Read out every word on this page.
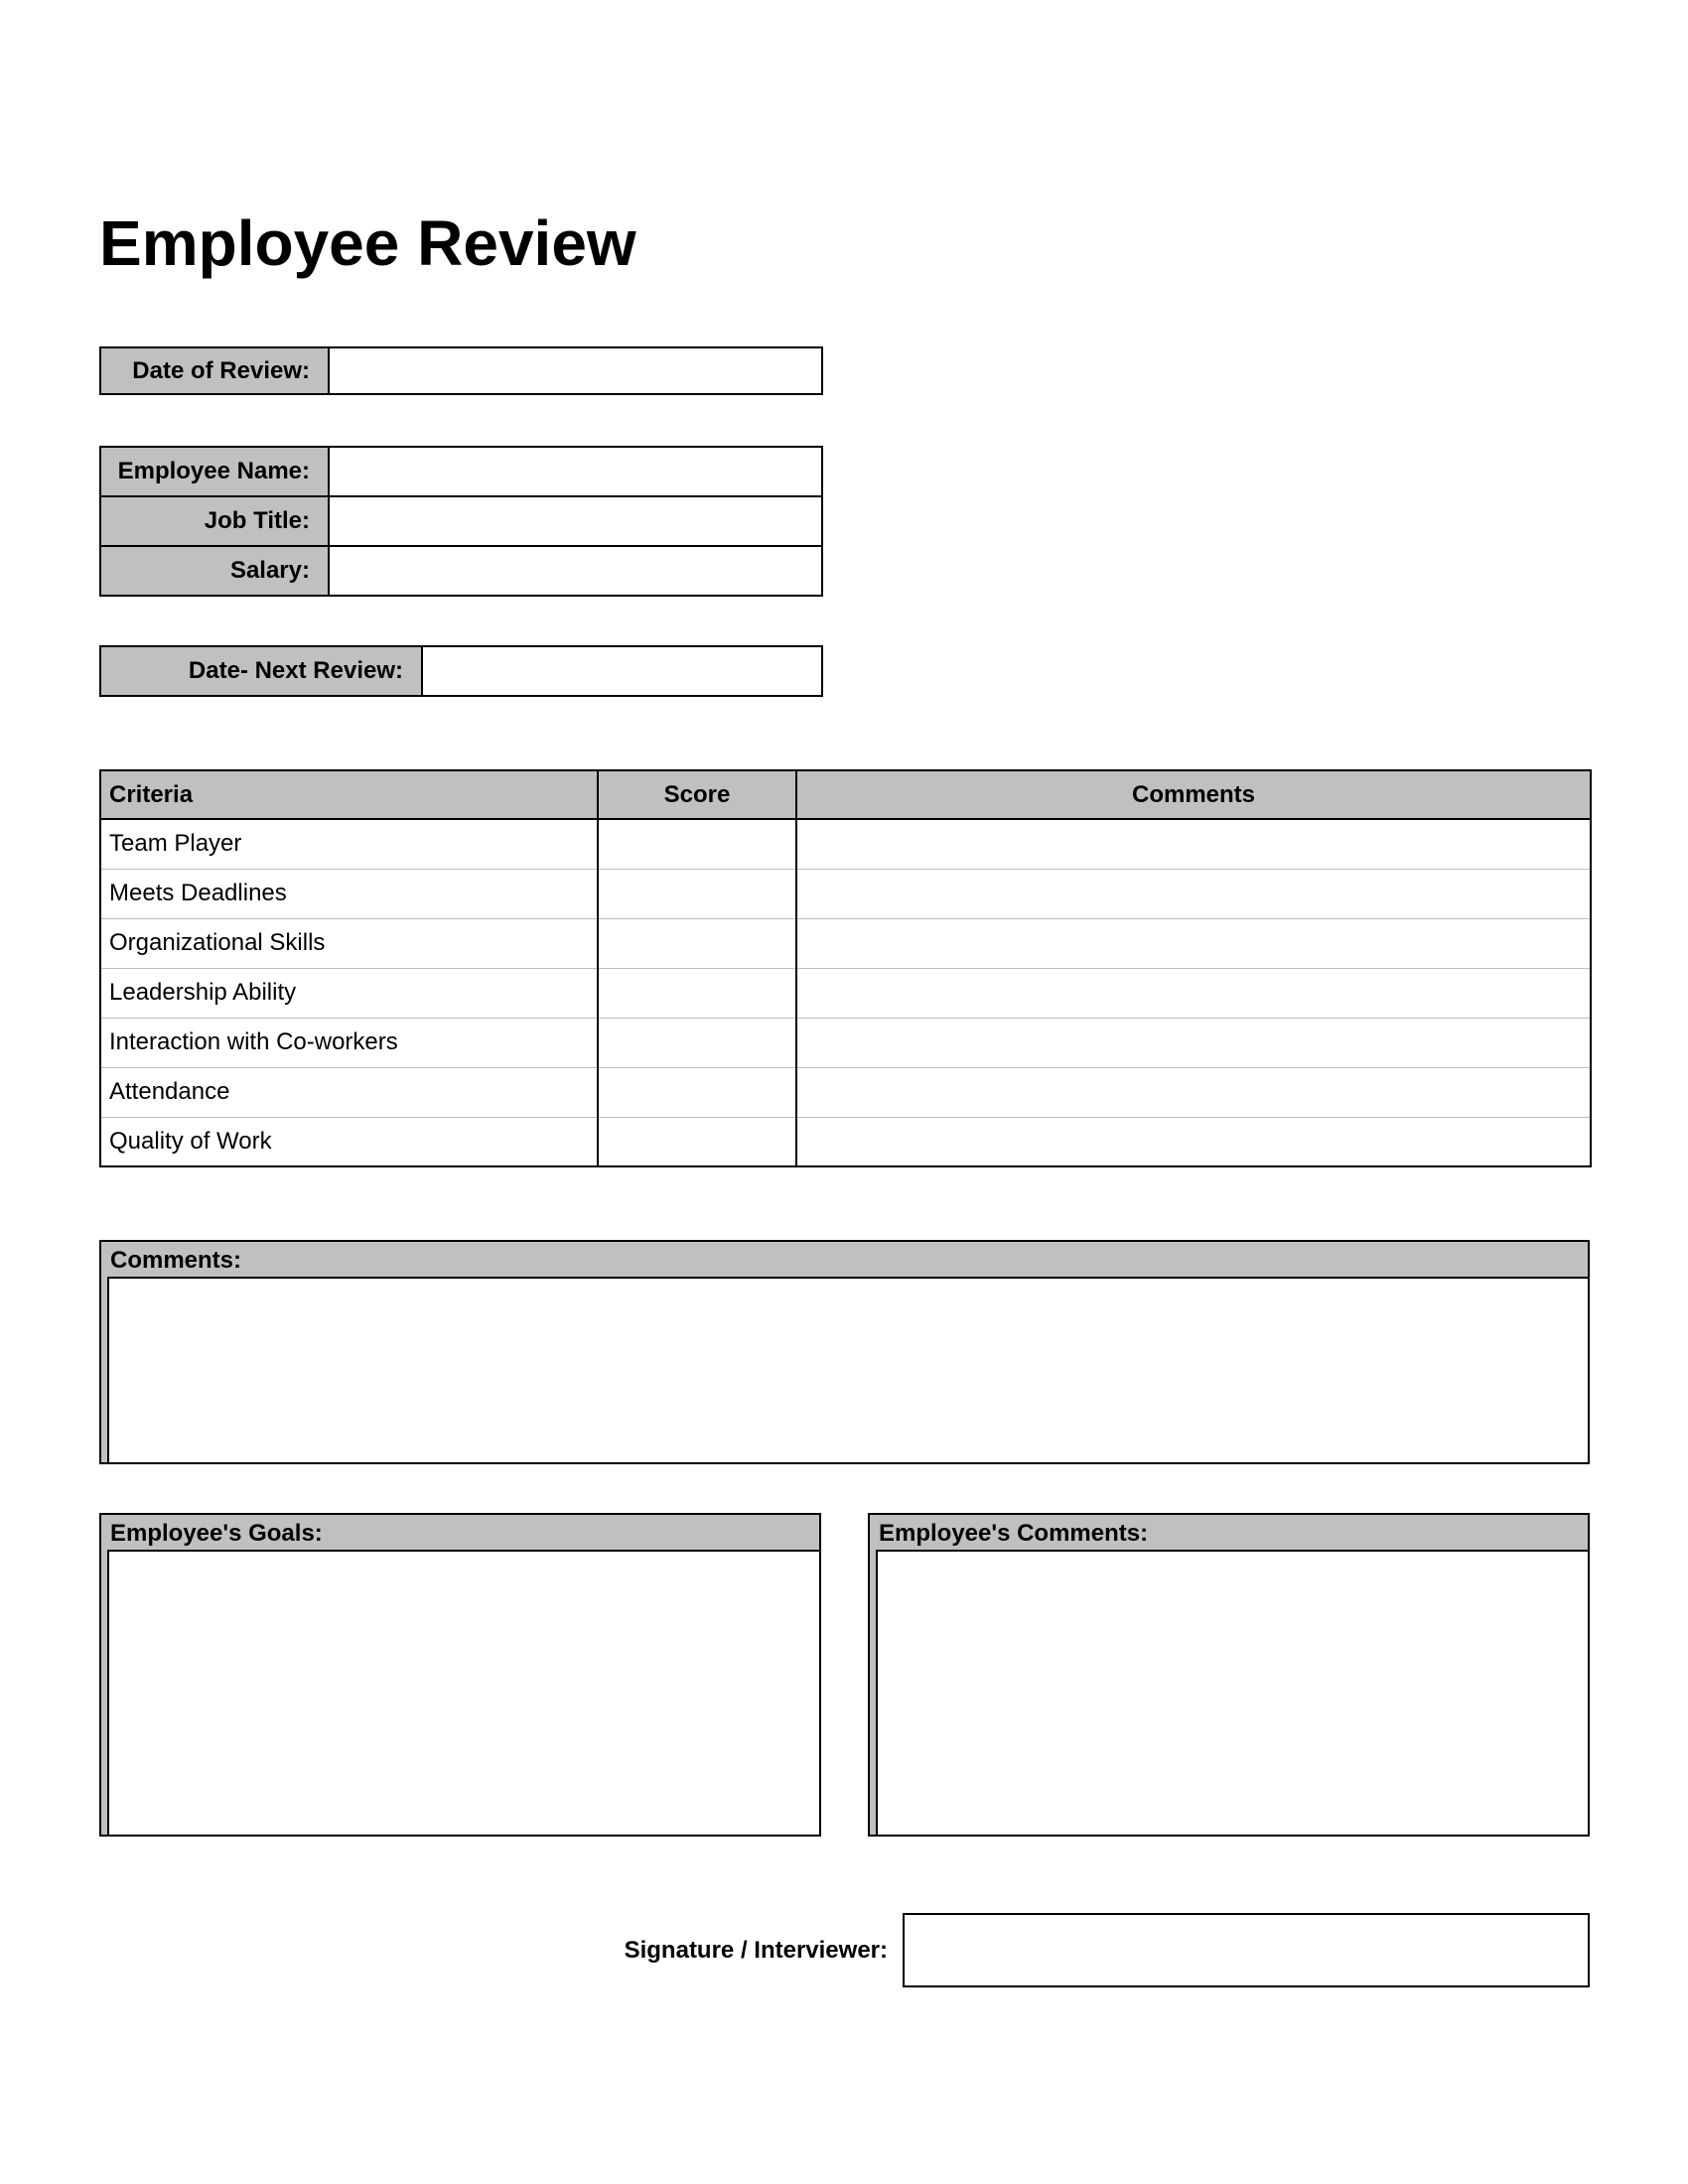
Employee Review
Date of Review:	
Employee Name:	
Job Title:	
Salary:	
Date- Next Review:	
Criteria	Score	Comments
Team Player		
Meets Deadlines		
Organizational Skills		
Leadership Ability		
Interaction with Co-workers		
Attendance		
Quality of Work		
Comments:
Employee's Goals:	Employee's Comments:
Signature / Interviewer:
